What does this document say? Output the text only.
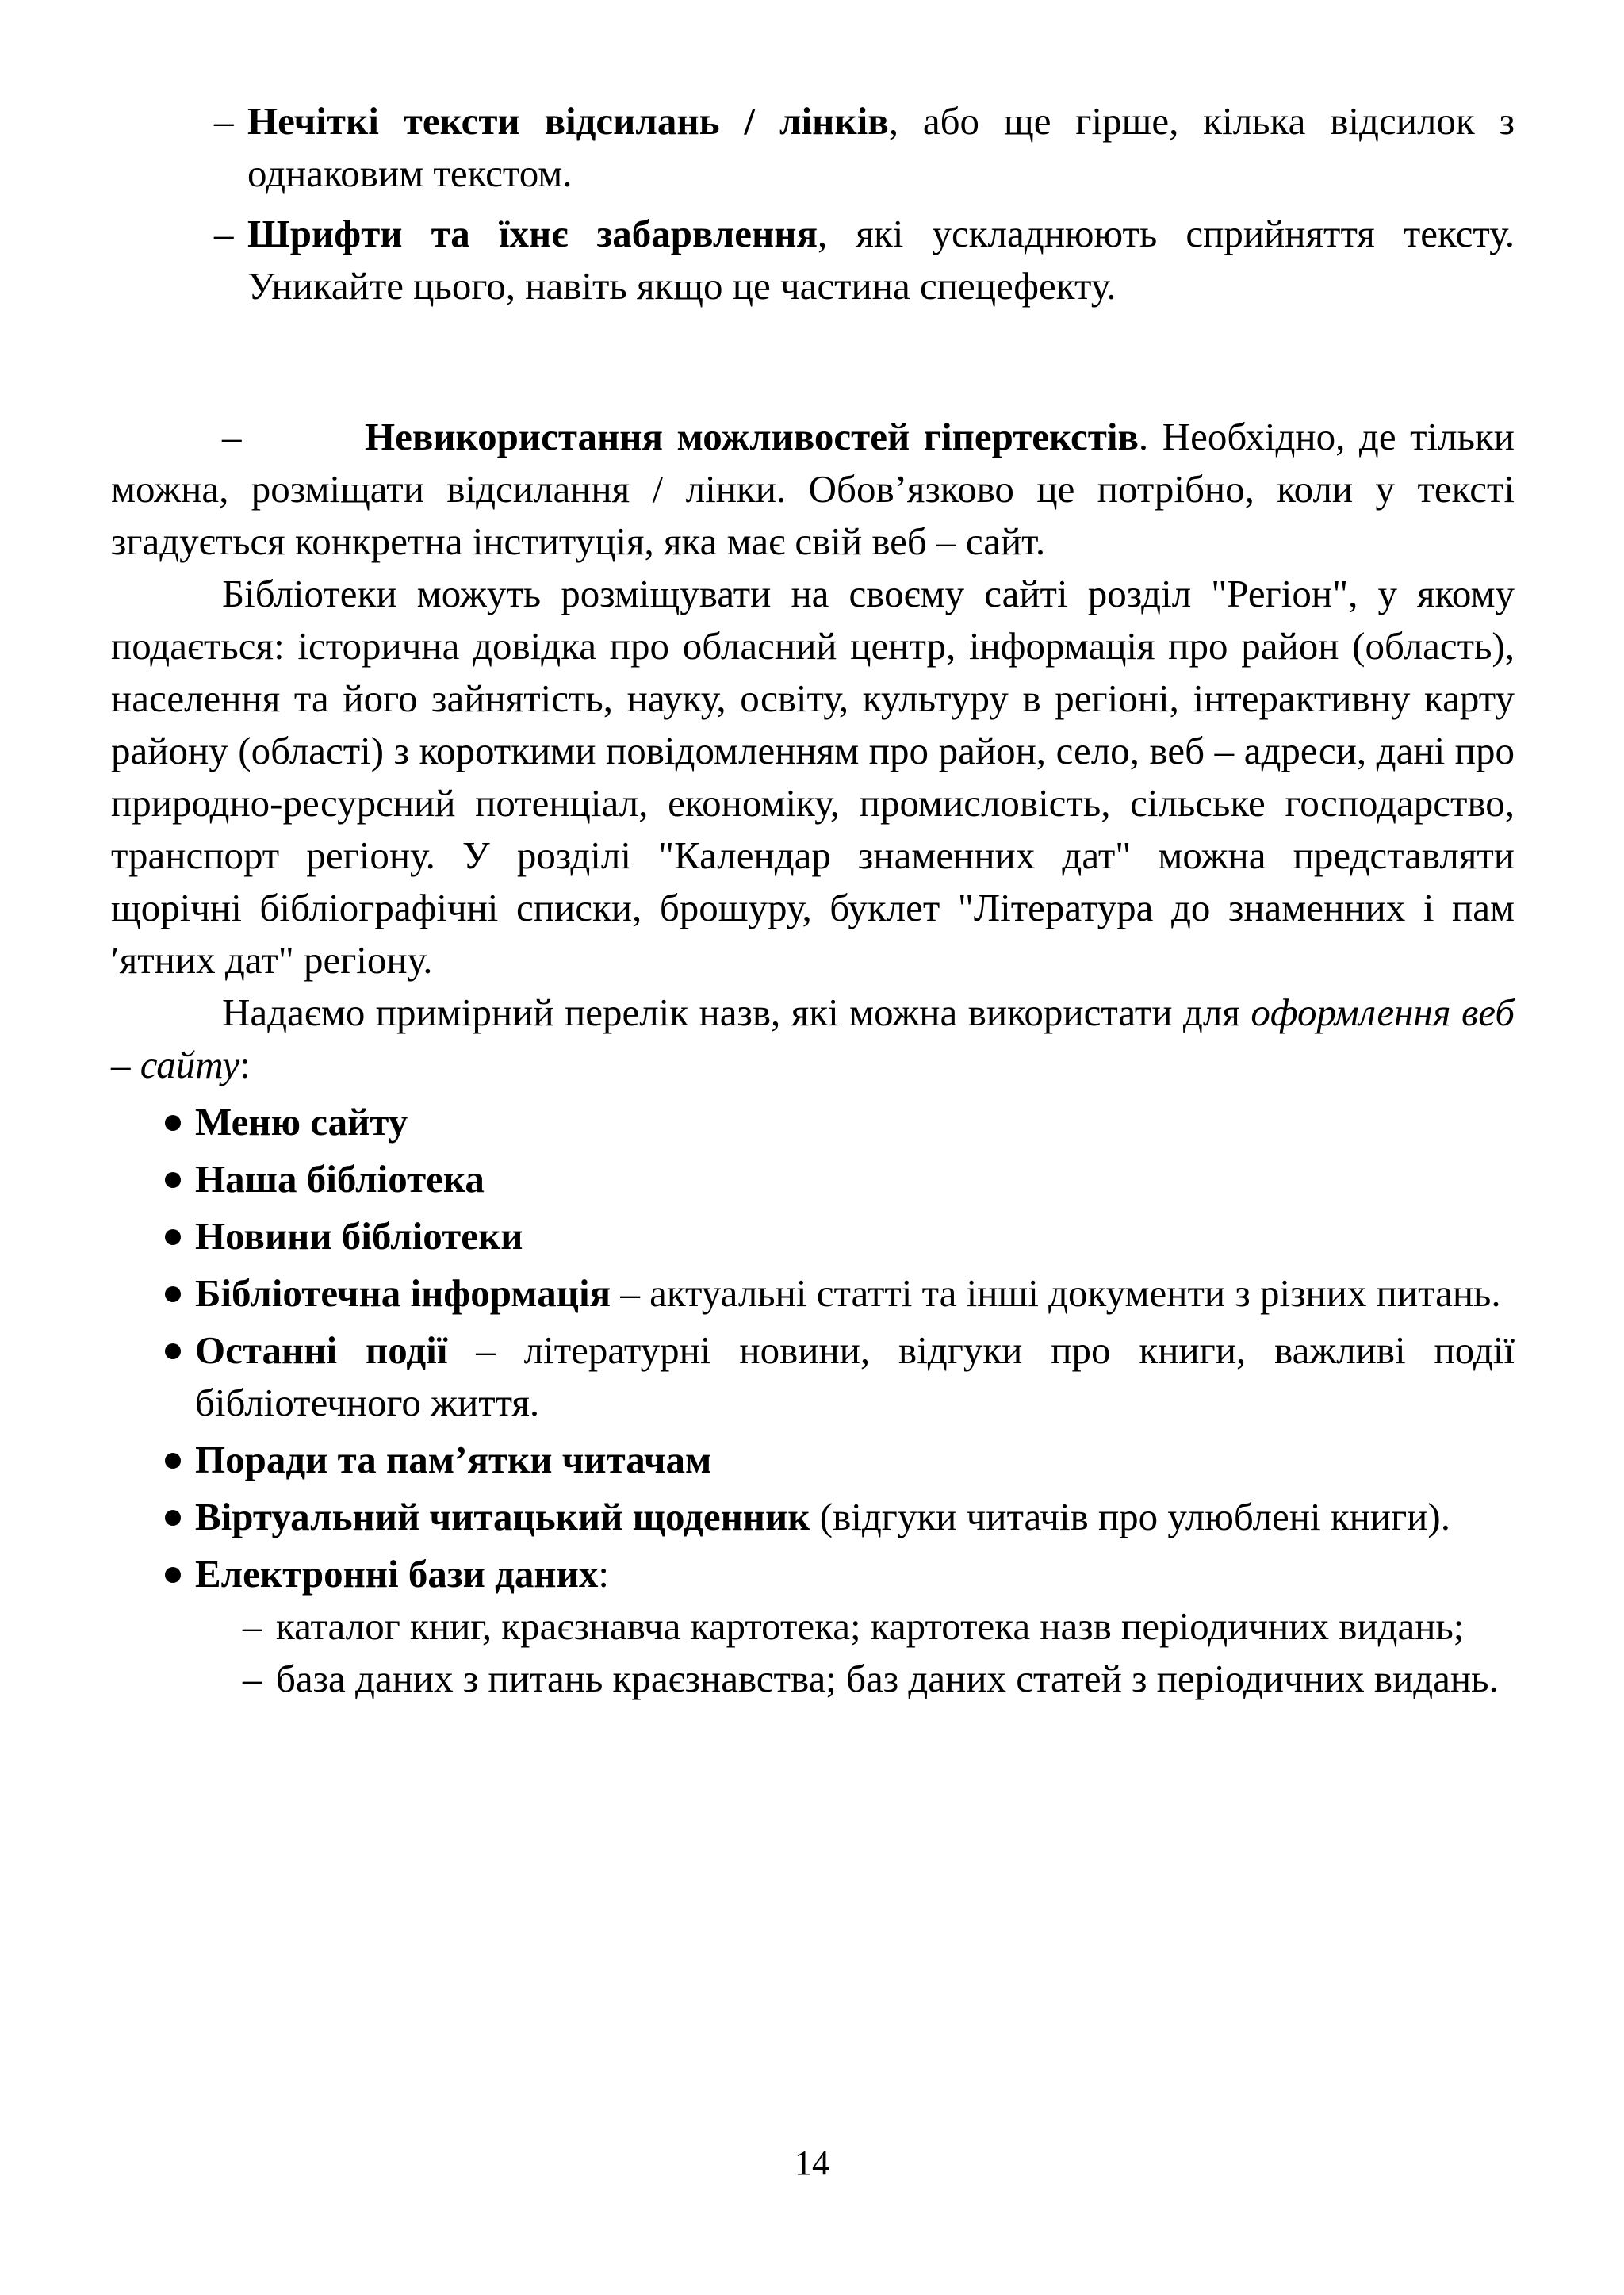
– Нечіткі тексти відсилань / лінків, або ще гірше, кілька відсилок з однаковим текстом.
– Шрифти та їхнє забарвлення, які ускладнюють сприйняття тексту. Уникайте цього, навіть якщо це частина спецефекту.

–	Невикористання можливостей гіпертекстів. Необхідно, де тільки можна, розміщати відсилання / лінки. Обов’язково це потрібно, коли у тексті згадується конкретна інституція, яка має свій веб – сайт.

Бібліотеки можуть розміщувати на своєму сайті розділ "Регіон", у якому подається: історична довідка про обласний центр, інформація про район (область), населення та його зайнятість, науку, освіту, культуру в регіоні, інтерактивну карту району (області) з короткими повідомленням про район, село, веб – адреси, дані про природно-ресурсний потенціал, економіку, промисловість, сільське господарство, транспорт регіону. У розділі "Календар знаменних дат" можна представляти щорічні бібліографічні списки, брошуру, буклет "Література до знаменних і пам ′ятних дат" регіону.

Надаємо примірний перелік назв, які можна використати для оформлення веб – сайту:

Меню сайту
Наша бібліотека
Новини бібліотеки
Бібліотечна інформація – актуальні статті та інші документи з різних питань.
Останні події – літературні новини, відгуки про книги, важливі події бібліотечного життя.
Поради та пам’ятки читачам
Віртуальний читацький щоденник (відгуки читачів про улюблені книги).
Електронні бази даних:
– каталог книг, краєзнавча картотека; картотека назв періодичних видань;
– база даних з питань краєзнавства; баз даних статей з періодичних видань.
14
